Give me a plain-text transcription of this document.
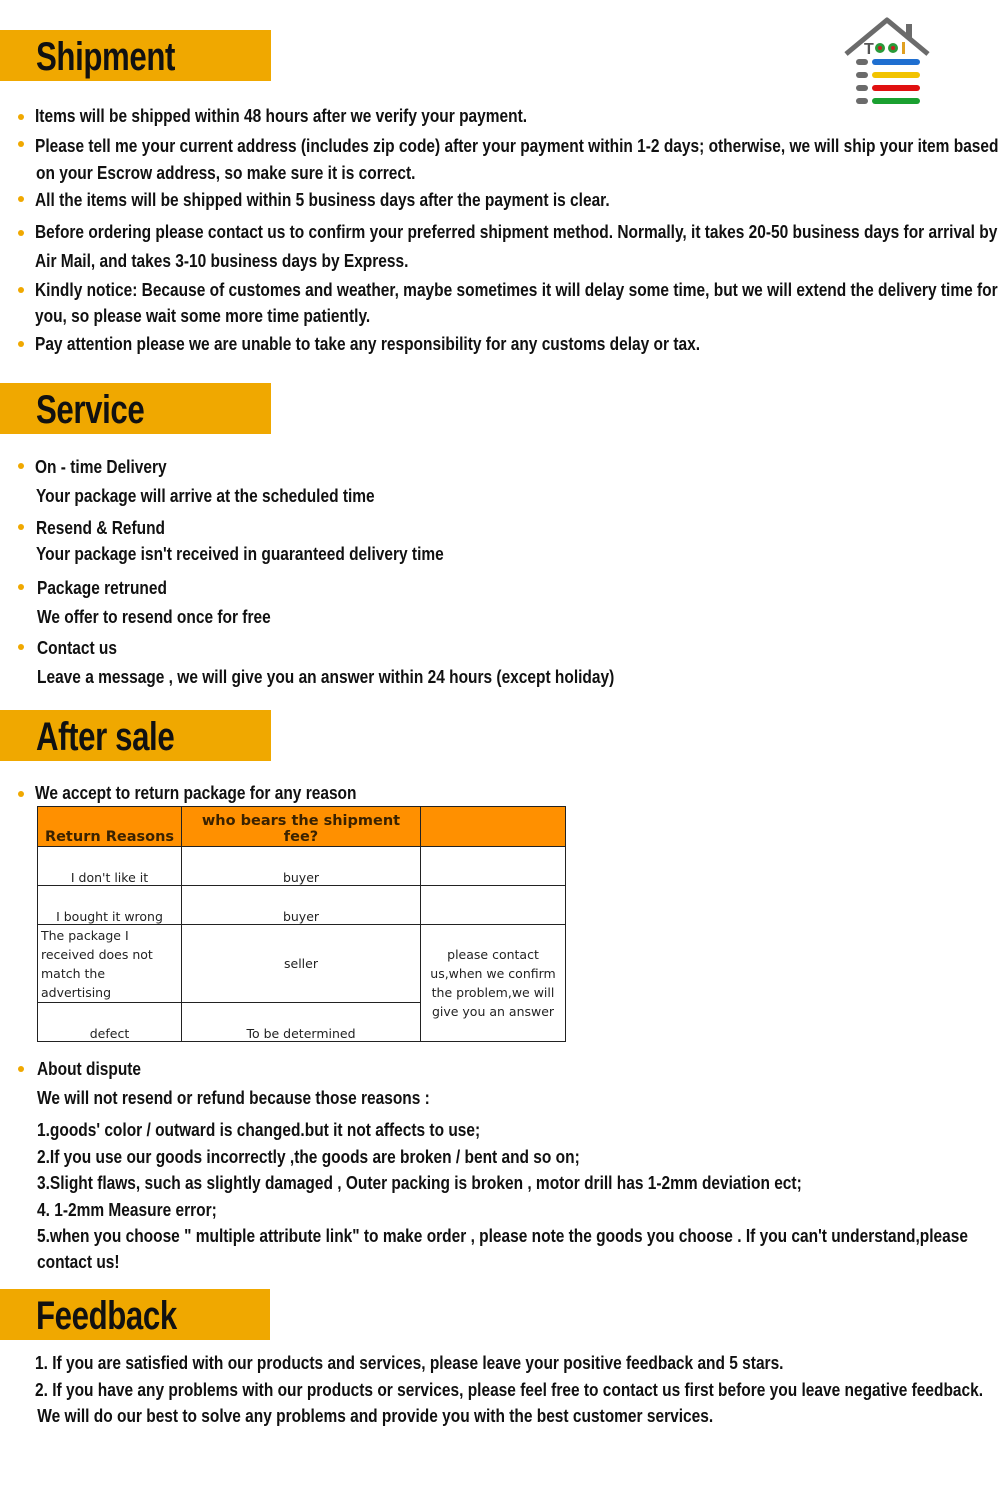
T
Shipment
Items will be shipped within 48 hours after we verify your payment.
Please tell me your current address (includes zip code) after your payment within 1-2 days; otherwise, we will ship your item based
on your Escrow address, so make sure it is correct.
All the items will be shipped within 5 business days after the payment is clear.
Before ordering please contact us to confirm your preferred shipment method. Normally, it takes 20-50 business days for arrival by
Air Mail, and takes 3-10 business days by Express.
Kindly notice: Because of customes and weather, maybe sometimes it will delay some time, but we will extend the delivery time for
you, so please wait some more time patiently.
Pay attention please we are unable to take any responsibility for any customs delay or tax.
Service
On - time Delivery
Your package will arrive at the scheduled time
Resend & Refund
Your package isn't received in guaranteed delivery time
Package retruned
We offer to resend once for free
Contact us
Leave a message , we will give you an answer within 24 hours (except holiday)
After sale
We accept to return package for any reason
Return Reasons	who bears the shipment fee?	
I don't like it	buyer	
I bought it wrong	buyer	
The package I received does not match the advertising	seller	please contact us,when we confirm the problem,we will give you an answer
defect	To be determined	
About dispute
We will not resend or refund because those reasons :
1.goods' color / outward is changed.but it not affects to use;
2.If you use our goods incorrectly ,the goods are broken / bent and so on;
3.Slight flaws, such as slightly damaged , Outer packing is broken , motor drill has 1-2mm deviation ect;
4. 1-2mm Measure error;
5.when you choose " multiple attribute link" to make order , please note the goods you choose . If you can't understand,please
contact us!
Feedback
1. If you are satisfied with our products and services, please leave your positive feedback and 5 stars.
2. If you have any problems with our products or services, please feel free to contact us first before you leave negative feedback.
We will do our best to solve any problems and provide you with the best customer services.
